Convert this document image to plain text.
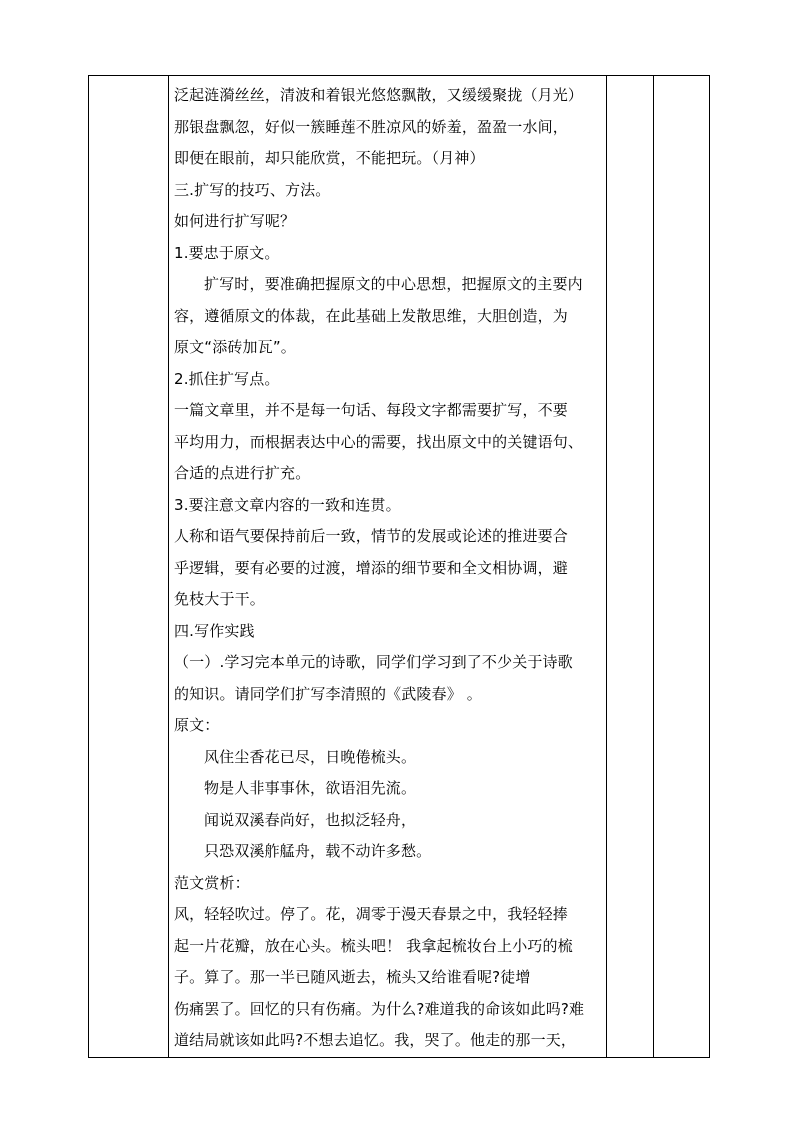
泛起涟漪丝丝，清波和着银光悠悠飘散，又缓缓聚拢（月光）
那银盘飘忽，好似一簇睡莲不胜凉风的娇羞，盈盈一水间，
即便在眼前，却只能欣赏，不能把玩。（月神）
三.扩写的技巧、方法。
如何进行扩写呢？
1.要忠于原文。
扩写时，要准确把握原文的中心思想，把握原文的主要内
容，遵循原文的体裁，在此基础上发散思维，大胆创造，为
原文“添砖加瓦”。
2.抓住扩写点。
一篇文章里，并不是每一句话、每段文字都需要扩写，不要
平均用力，而根据表达中心的需要，找出原文中的关键语句、
合适的点进行扩充。
3.要注意文章内容的一致和连贯。
人称和语气要保持前后一致，情节的发展或论述的推进要合
乎逻辑，要有必要的过渡，增添的细节要和全文相协调，避
免枝大于干。
四.写作实践
（一）.学习完本单元的诗歌，同学们学习到了不少关于诗歌
的知识。请同学们扩写李清照的《武陵春》 。
原文：
风住尘香花已尽，日晚倦梳头。
物是人非事事休，欲语泪先流。
闻说双溪春尚好，也拟泛轻舟，
只恐双溪舴艋舟，载不动许多愁。
范文赏析：
风，轻轻吹过。停了。花，凋零于漫天春景之中，我轻轻捧
起一片花瓣，放在心头。梳头吧！ 我拿起梳妆台上小巧的梳
子。算了。那一半已随风逝去，梳头又给谁看呢?徒增
伤痛罢了。回忆的只有伤痛。为什么?难道我的命该如此吗?难
道结局就该如此吗?不想去追忆。我，哭了。他走的那一天，
